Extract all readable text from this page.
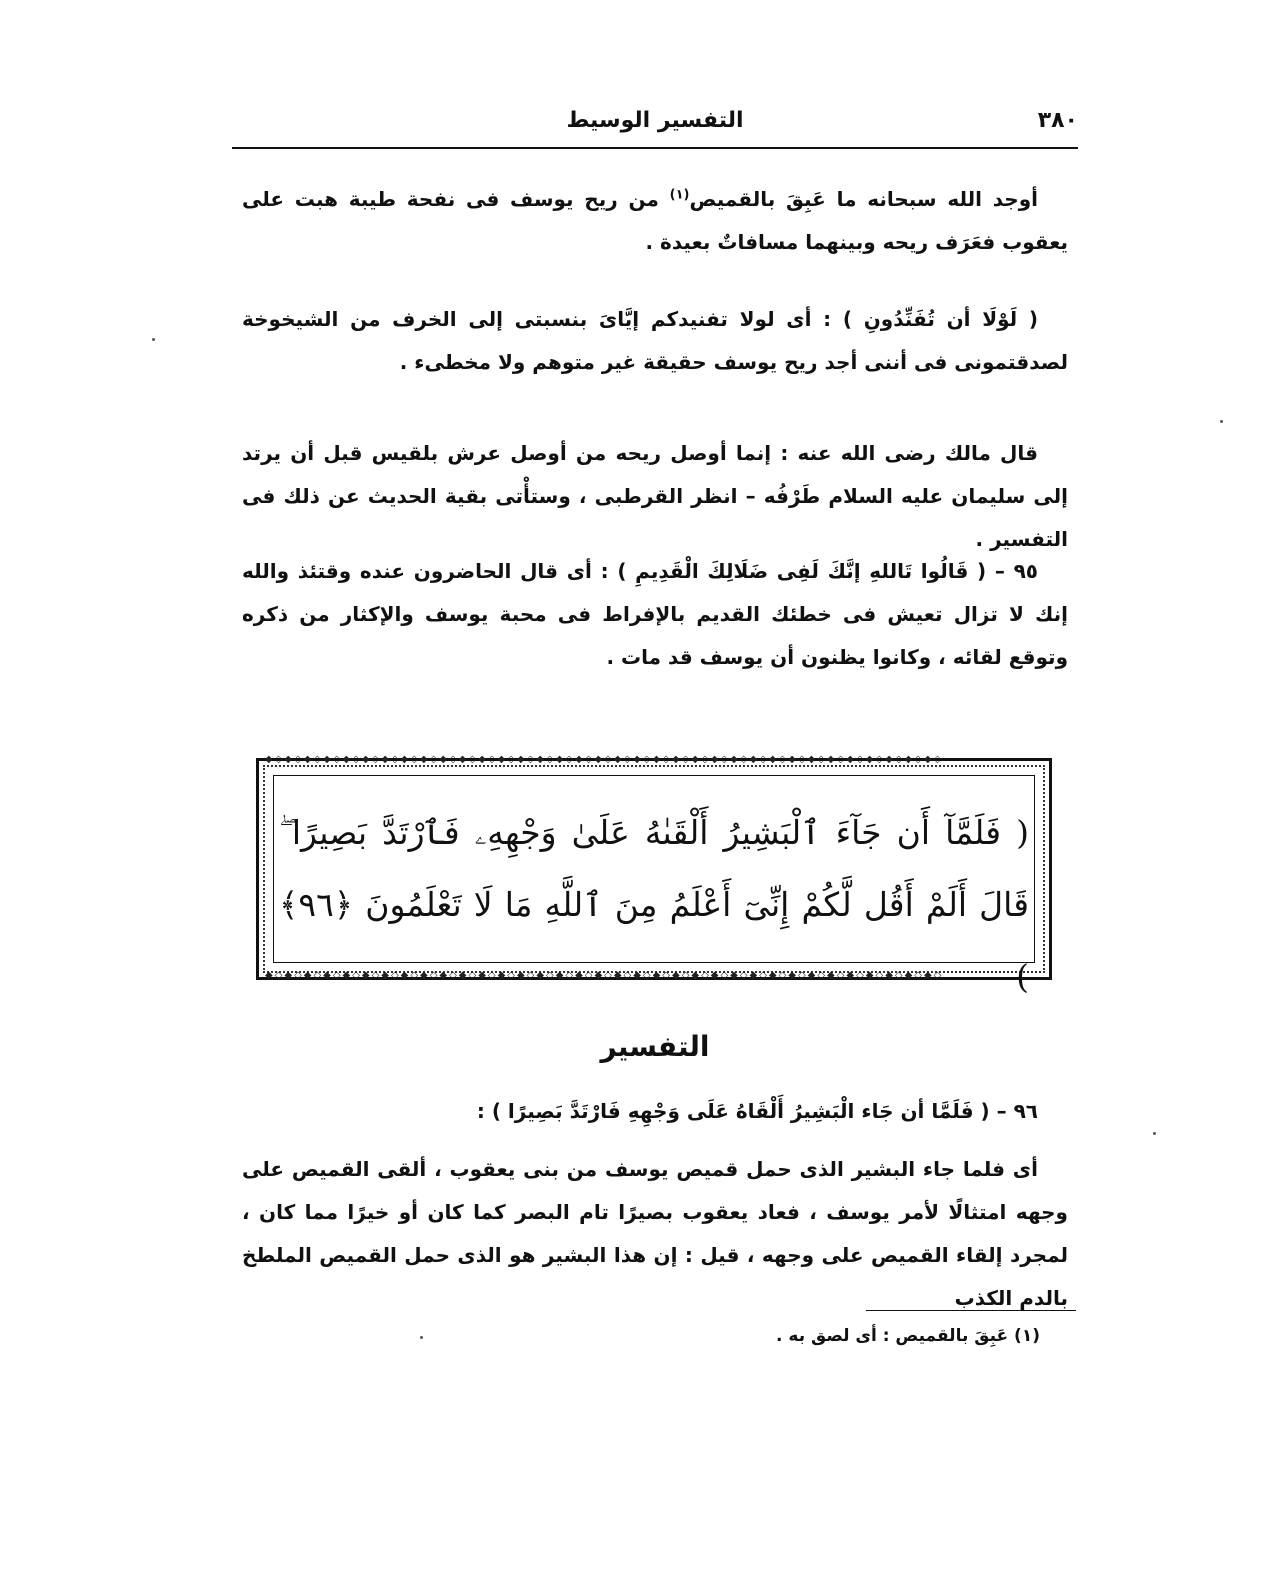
٣٨٠
التفسير الوسيط

أوجد الله سبحانه ما عَبِقَ بالقميص$^{(١)}$ من ريح يوسف فى نفحة طيبة هبت على يعقوب فعَرَف ريحه وبينهما مسافاتٌ بعيدة .

( لَوْلَا أن تُفَنِّدُونِ ) : أى لولا تفنيدكم إيَّاىَ بنسبتى إلى الخرف من الشيخوخة لصدقتمونى فى أننى أجد ريح يوسف حقيقة غير متوهم ولا مخطىء .

قال مالك رضى الله عنه : إنما أوصل ريحه من أوصل عرش بلقيس قبل أن يرتد إلى سليمان عليه السلام طَرْفُه – انظر القرطبى ، وستأْتى بقية الحديث عن ذلك فى التفسير .

٩٥ – ( قَالُوا تَاللهِ إنَّكَ لَفِى ضَلَالِكَ الْقَدِيمِ ) : أى قال الحاضرون عنده وقتئذ والله إنك لا تزال تعيش فى خطئك القديم بالإفراط فى محبة يوسف والإكثار من ذكره وتوقع لقائه ، وكانوا يظنون أن يوسف قد مات .

◆◇◆◇◆◇◆◇◆◇◆◇◆◇◆◇◆◇◆◇◆◇◆◇◆◇◆◇◆◇◆◇◆◇◆◇◆◇◆◇◆◇◆◇◆◇◆◇◆◇◆◇◆◇◆◇◆◇◆◇◆◇◆◇◆◇◆◇◆◇
◆◇◆◇◆◇◆◇◆◇◆◇◆◇◆◇◆◇◆◇◆◇◆◇◆◇◆◇◆◇◆◇◆◇◆◇◆◇◆◇◆◇◆◇◆◇◆◇◆◇◆◇◆◇◆◇◆◇◆◇◆◇◆◇◆◇◆◇◆◇
( فَلَمَّآ أَن جَآءَ ٱلْبَشِيرُ أَلْقَىٰهُ عَلَىٰ وَجْهِهِۦ فَٱرْتَدَّ بَصِيرًا ۖ قَالَ أَلَمْ أَقُل لَّكُمْ إِنِّىٓ أَعْلَمُ مِنَ ٱللَّهِ مَا لَا تَعْلَمُونَ ﴿٩٦﴾ )
التفسير

٩٦ – ( فَلَمَّا أن جَاء الْبَشِيرُ أَلْقَاهُ عَلَى وَجْهِهِ فَارْتَدَّ بَصِيرًا ) :

أى فلما جاء البشير الذى حمل قميص يوسف من بنى يعقوب ، ألقى القميص على وجهه امتثالًا لأمر يوسف ، فعاد يعقوب بصيرًا تام البصر كما كان أو خيرًا مما كان ، لمجرد إلقاء القميص على وجهه ، قيل : إن هذا البشير هو الذى حمل القميص الملطخ بالدم الكذب

(١) عَبِقَ بالقميص : أى لصق به .
